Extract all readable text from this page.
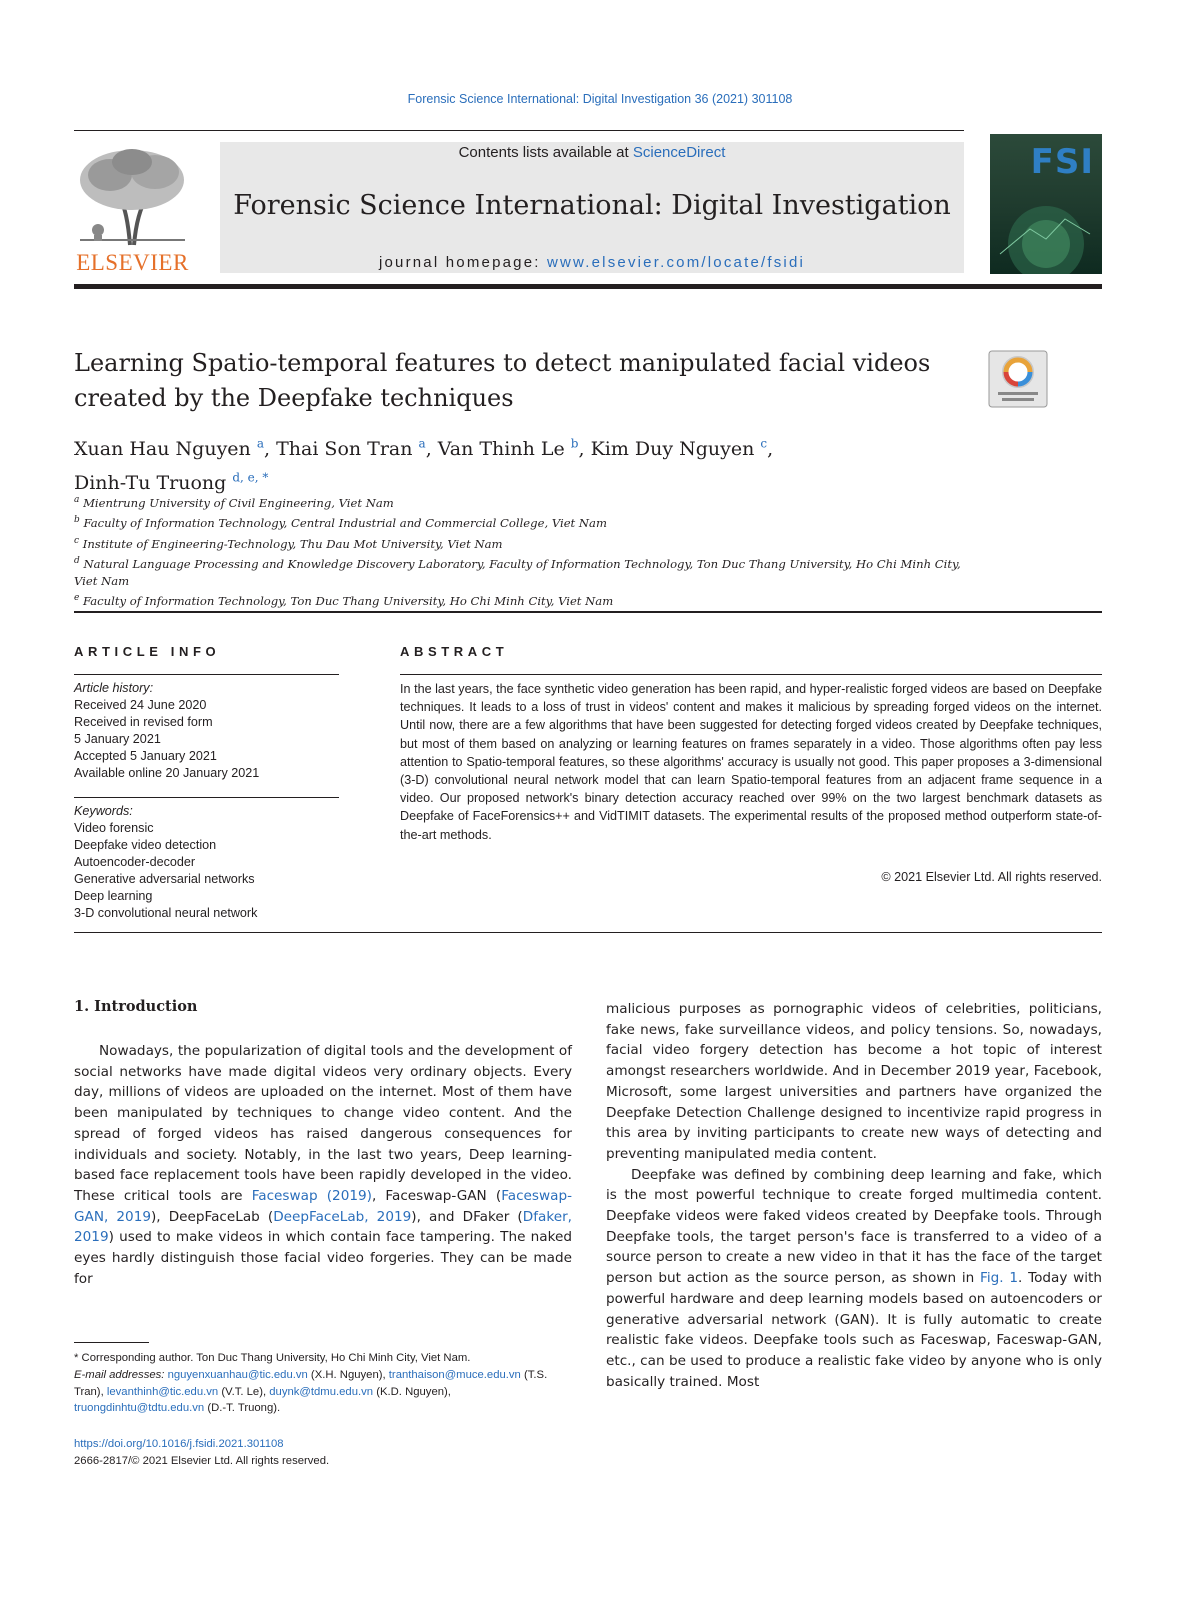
Forensic Science International: Digital Investigation 36 (2021) 301108
ELSEVIER
Contents lists available at ScienceDirect
Forensic Science International: Digital Investigation
journal homepage: www.elsevier.com/locate/fsidi
FSI
Learning Spatio-temporal features to detect manipulated facial videos
created by the Deepfake techniques
Xuan Hau Nguyen $^a$, Thai Son Tran $^a$, Van Thinh Le $^b$, Kim Duy Nguyen $^c$,
Dinh-Tu Truong $^{d, e, *}$
$^a$ Mientrung University of Civil Engineering, Viet Nam
$^b$ Faculty of Information Technology, Central Industrial and Commercial College, Viet Nam
$^c$ Institute of Engineering-Technology, Thu Dau Mot University, Viet Nam
$^d$ Natural Language Processing and Knowledge Discovery Laboratory, Faculty of Information Technology, Ton Duc Thang University, Ho Chi Minh City, Viet Nam
$^e$ Faculty of Information Technology, Ton Duc Thang University, Ho Chi Minh City, Viet Nam
ARTICLE INFO	ABSTRACT
Article history:
Received 24 June 2020
Received in revised form
5 January 2021
Accepted 5 January 2021
Available online 20 January 2021
Keywords:
Video forensic
Deepfake video detection
Autoencoder-decoder
Generative adversarial networks
Deep learning
3-D convolutional neural network
In the last years, the face synthetic video generation has been rapid, and hyper-realistic forged videos are based on Deepfake techniques. It leads to a loss of trust in videos' content and makes it malicious by spreading forged videos on the internet. Until now, there are a few algorithms that have been suggested for detecting forged videos created by Deepfake techniques, but most of them based on analyzing or learning features on frames separately in a video. Those algorithms often pay less attention to Spatio-temporal features, so these algorithms' accuracy is usually not good. This paper proposes a 3-dimensional (3-D) convolutional neural network model that can learn Spatio-temporal features from an adjacent frame sequence in a video. Our proposed network's binary detection accuracy reached over 99% on the two largest benchmark datasets as Deepfake of FaceForensics++ and VidTIMIT datasets. The experimental results of the proposed method outperform state-of-the-art methods.
© 2021 Elsevier Ltd. All rights reserved.
1. Introduction

Nowadays, the popularization of digital tools and the development of social networks have made digital videos very ordinary objects. Every day, millions of videos are uploaded on the internet. Most of them have been manipulated by techniques to change video content. And the spread of forged videos has raised dangerous consequences for individuals and society. Notably, in the last two years, Deep learning-based face replacement tools have been rapidly developed in the video. These critical tools are Faceswap (2019), Faceswap-GAN (Faceswap-GAN, 2019), DeepFaceLab (DeepFaceLab, 2019), and DFaker (Dfaker, 2019) used to make videos in which contain face tampering. The naked eyes hardly distinguish those facial video forgeries. They can be made for

malicious purposes as pornographic videos of celebrities, politicians, fake news, fake surveillance videos, and policy tensions. So, nowadays, facial video forgery detection has become a hot topic of interest amongst researchers worldwide. And in December 2019 year, Facebook, Microsoft, some largest universities and partners have organized the Deepfake Detection Challenge designed to incentivize rapid progress in this area by inviting participants to create new ways of detecting and preventing manipulated media content.

Deepfake was defined by combining deep learning and fake, which is the most powerful technique to create forged multimedia content. Deepfake videos were faked videos created by Deepfake tools. Through Deepfake tools, the target person's face is transferred to a video of a source person to create a new video in that it has the face of the target person but action as the source person, as shown in Fig. 1. Today with powerful hardware and deep learning models based on autoencoders or generative adversarial network (GAN). It is fully automatic to create realistic fake videos. Deepfake tools such as Faceswap, Faceswap-GAN, etc., can be used to produce a realistic fake video by anyone who is only basically trained. Most

* Corresponding author. Ton Duc Thang University, Ho Chi Minh City, Viet Nam.
E-mail addresses: nguyenxuanhau@tic.edu.vn (X.H. Nguyen), tranthaison@muce.edu.vn (T.S. Tran), levanthinh@tic.edu.vn (V.T. Le), duynk@tdmu.edu.vn (K.D. Nguyen), truongdinhtu@tdtu.edu.vn (D.-T. Truong).
https://doi.org/10.1016/j.fsidi.2021.301108
2666-2817/© 2021 Elsevier Ltd. All rights reserved.
